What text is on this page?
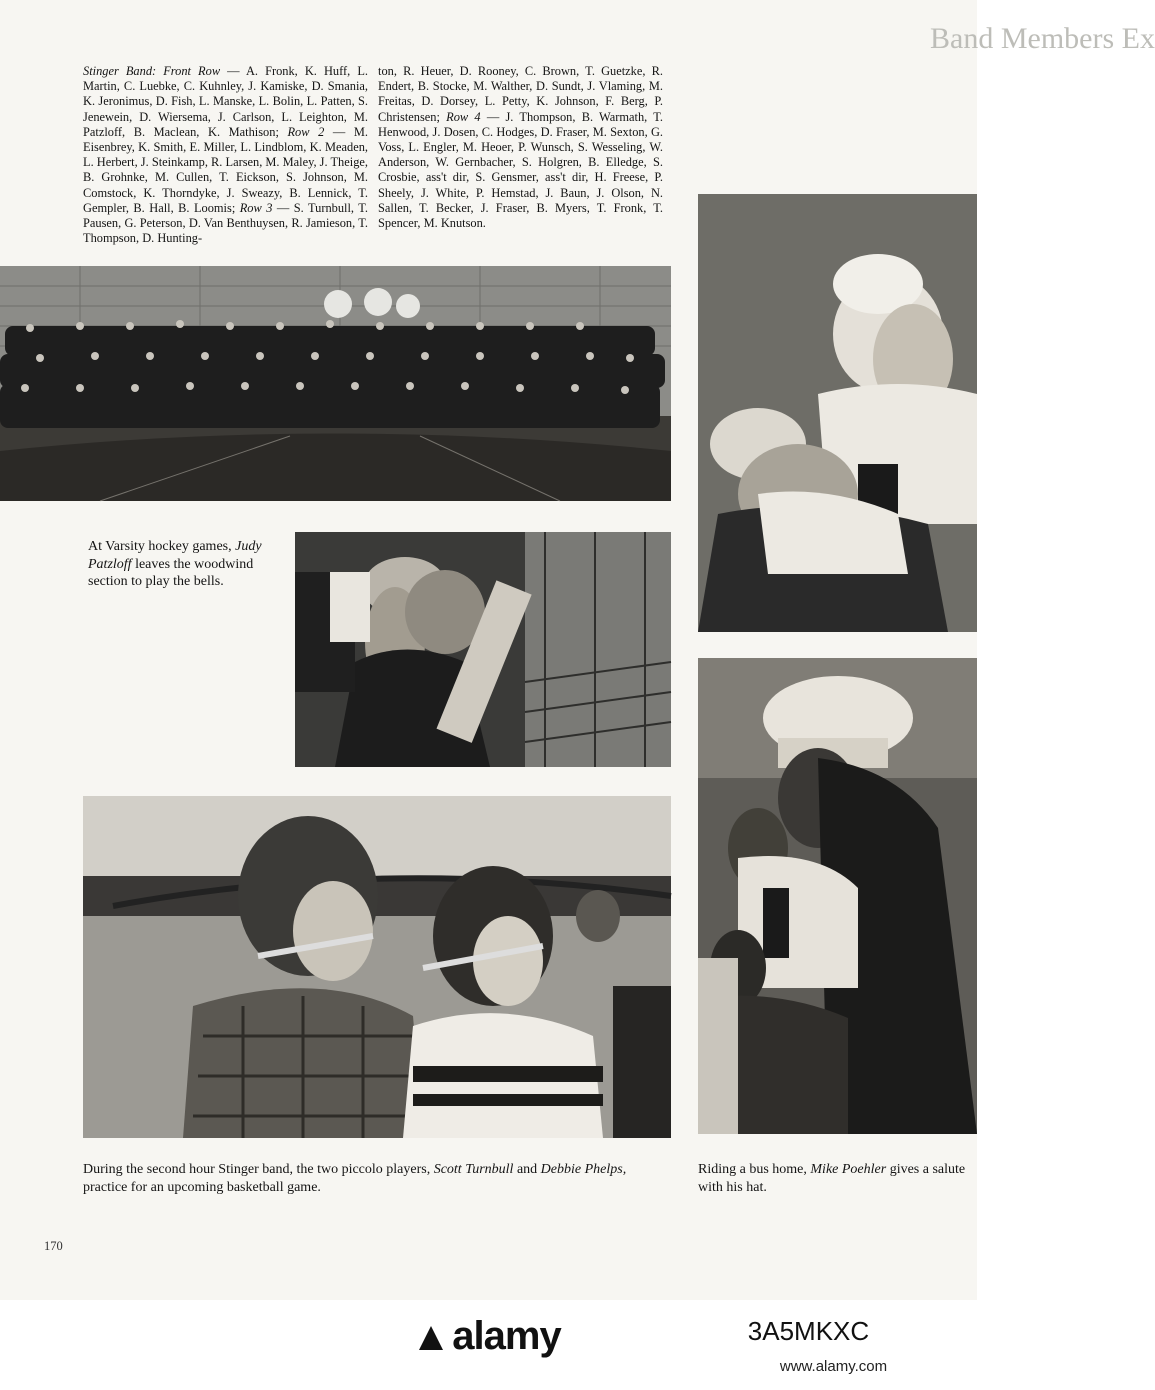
Band Members Ex
Stinger Band: Front Row — A. Fronk, K. Huff, L. Martin, C. Luebke, C. Kuhnley, J. Kamiske, D. Smania, K. Jeronimus, D. Fish, L. Manske, L. Bolin, L. Patten, S. Jenewein, D. Wiersema, J. Carlson, L. Leighton, M. Patzloff, B. Maclean, K. Mathison; Row 2 — M. Eisenbrey, K. Smith, E. Miller, L. Lindblom, K. Meaden, L. Herbert, J. Steinkamp, R. Larsen, M. Maley, J. Theige, B. Grohnke, M. Cullen, T. Eickson, S. Johnson, M. Comstock, K. Thorndyke, J. Sweazy, B. Lennick, T. Gempler, B. Hall, B. Loomis; Row 3 — S. Turnbull, T. Pausen, G. Peterson, D. Van Benthuysen, R. Jamieson, T. Thompson, D. Hunting-
ton, R. Heuer, D. Rooney, C. Brown, T. Guetzke, R. Endert, B. Stocke, M. Walther, D. Sundt, J. Vlaming, M. Freitas, D. Dorsey, L. Petty, K. Johnson, F. Berg, P. Christensen; Row 4 — J. Thompson, B. Warmath, T. Henwood, J. Dosen, C. Hodges, D. Fraser, M. Sexton, G. Voss, L. Engler, M. Heoer, P. Wunsch, S. Wesseling, W. Anderson, W. Gernbacher, S. Holgren, B. Elledge, S. Crosbie, ass't dir, S. Gensmer, ass't dir, H. Freese, P. Sheely, J. White, P. Hemstad, J. Baun, J. Olson, N. Sallen, T. Becker, J. Fraser, B. Myers, T. Fronk, T. Spencer, M. Knutson.
At Varsity hockey games, Judy Patzloff leaves the woodwind section to play the bells.
During the second hour Stinger band, the two piccolo players, Scott Turnbull and Debbie Phelps, practice for an upcoming basketball game.
Riding a bus home, Mike Poehler gives a salute with his hat.
170
alamy	3A5MKXC
www.alamy.com
